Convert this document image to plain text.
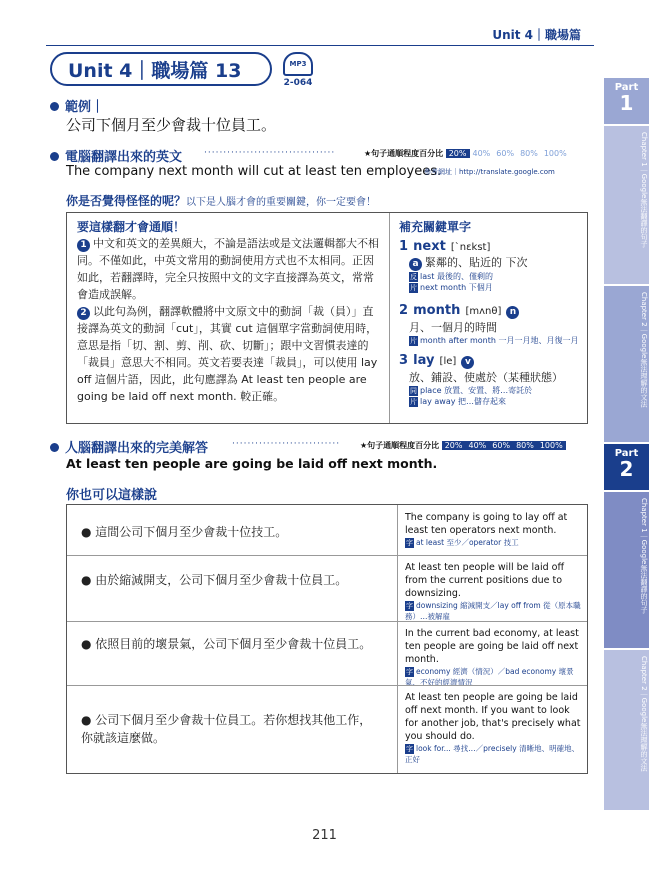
Unit 4｜職場篇
Unit 4｜職場篇 13	MP3
2-064
範例｜
公司下個月至少會裁十位員工。
電腦翻譯出來的英文 ··································	★句子通順程度百分比 20% 40% 60% 80% 100%
The company next month will cut at least ten employees.
參考網址｜http://translate.google.com
你是否覺得怪怪的呢？以下是人腦才會的重要關鍵，你一定要會！
要這樣翻才會通順！
1 中文和英文的差異頗大，不論是語法或是文法邏輯都大不相同。不僅如此，中英文常用的動詞使用方式也不太相同。正因如此，若翻譯時，完全只按照中文的文字直接譯為英文，常常會造成誤解。
2 以此句為例，翻譯軟體將中文原文中的動詞「裁（員）」直接譯為英文的動詞「cut」，其實 cut 這個單字當動詞使用時，意思是指「切、割、剪、削、砍、切斷」；跟中文習慣表達的「裁員」意思大不相同。英文若要表達「裁員」，可以使用 lay off 這個片語，因此，此句應譯為 At least ten people are going be laid off next month. 較正確。
補充關鍵單字
1 next [ˋnɛkst]
a 緊鄰的、貼近的 下次
反 last 最後的、僅剩的
片 next month 下個月
2 month [mʌnθ] n
月、一個月的時間
片 month after month 一月一月地、月復一月
3 lay [le] v
放、鋪設、使處於（某種狀態）
同 place 放置、安置、將…寄託於
片 lay away 把…儲存起來
人腦翻譯出來的完美解答	···························· ★句子通順程度百分比 20% 40% 60% 80% 100%
At least ten people are going be laid off next month.
你也可以這樣說
● 這間公司下個月至少會裁十位技工。
The company is going to lay off at least ten operators next month.
字 at least 至少／operator 技工
● 由於縮減開支，公司下個月至少會裁十位員工。
At least ten people will be laid off from the current positions due to downsizing.
字 downsizing 縮減開支／lay off from 從（原本職務）…被解雇
● 依照目前的壞景氣，公司下個月至少會裁十位員工。
In the current bad economy, at least ten people are going be laid off next month.
字 economy 經濟（情況）／bad economy 壞景氣、不好的經濟情況
● 公司下個月至少會裁十位員工。若你想找其他工作，你就該這麼做。
At least ten people are going be laid off next month. If you want to look for another job, that's precisely what you should do.
字 look for... 尋找…／precisely 清晰地、明確地、正好
Part
1
Chapter 1｜Google無法翻譯的句子
Chapter 2｜Google無法理解的文法
Part
2
Chapter 1｜Google無法翻譯的句子
Chapter 2｜Google無法理解的文法
211
